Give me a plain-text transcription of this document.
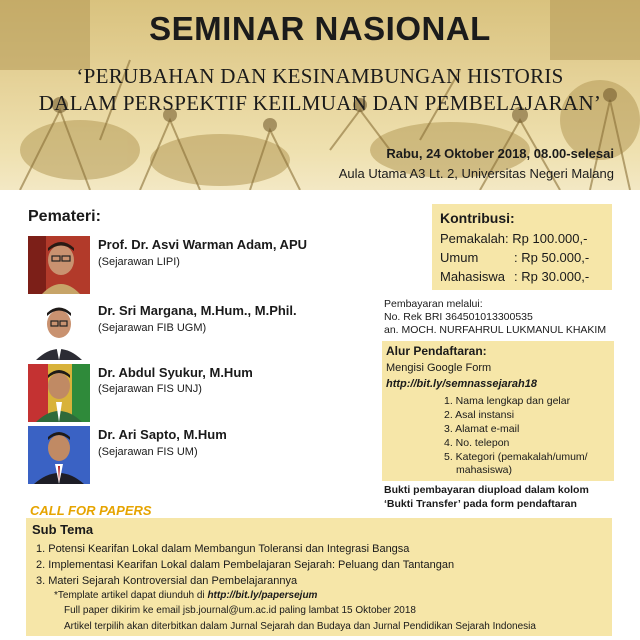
SEMINAR NASIONAL
‘PERUBAHAN DAN KESINAMBUNGAN HISTORIS
DALAM PERSPEKTIF KEILMUAN DAN PEMBELAJARAN’
Rabu, 24 Oktober 2018, 08.00-selesai
Aula Utama A3 Lt. 2, Universitas Negeri Malang
Pemateri:
Prof. Dr. Asvi Warman Adam, APU
(Sejarawan LIPI)
Dr. Sri Margana, M.Hum., M.Phil.
(Sejarawan FIB UGM)
Dr. Abdul Syukur, M.Hum
(Sejarawan FIS UNJ)
Dr. Ari Sapto, M.Hum
(Sejarawan FIS UM)
Kontribusi:
Pemakalah: Rp 100.000,-
Umum	: Rp 50.000,-
Mahasiswa : Rp 30.000,-
Pembayaran melalui:
No. Rek BRI 364501013300535
an. MOCH. NURFAHRUL LUKMANUL KHAKIM
Alur Pendaftaran:
Mengisi Google Form
http://bit.ly/semnassejarah18
1. Nama lengkap dan gelar
2. Asal instansi
3. Alamat e-mail
4. No. telepon
5. Kategori (pemakalah/umum/
mahasiswa)
Bukti pembayaran diupload dalam kolom
‘Bukti Transfer’ pada form pendaftaran
CALL FOR PAPERS
Sub Tema
1. Potensi Kearifan Lokal dalam Membangun Toleransi dan Integrasi Bangsa
2. Implementasi Kearifan Lokal dalam Pembelajaran Sejarah: Peluang dan Tantangan
3. Materi Sejarah Kontroversial dan Pembelajarannya
*Template artikel dapat diunduh di http://bit.ly/papersejum
Full paper dikirim ke email jsb.journal@um.ac.id paling lambat 15 Oktober 2018
Artikel terpilih akan diterbitkan dalam Jurnal Sejarah dan Budaya dan Jurnal Pendidikan Sejarah Indonesia
